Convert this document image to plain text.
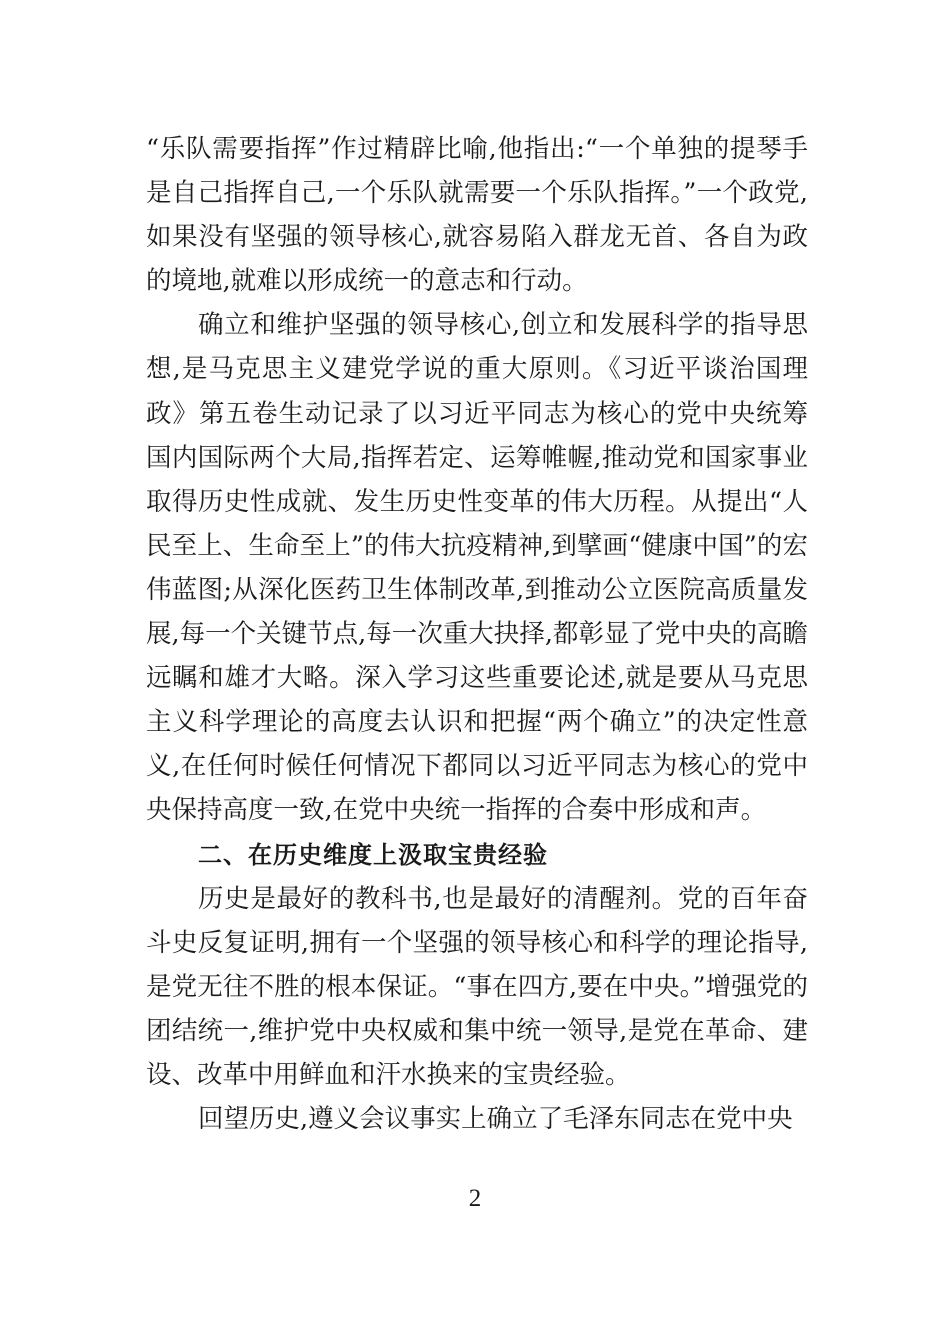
“乐队需要指挥”作过精辟比喻,他指出:“一个单独的提琴手是自己指挥自己,一个乐队就需要一个乐队指挥。”一个政党,如果没有坚强的领导核心,就容易陷入群龙无首、各自为政的境地,就难以形成统一的意志和行动。

确立和维护坚强的领导核心,创立和发展科学的指导思想,是马克思主义建党学说的重大原则。《习近平谈治国理政》第五卷生动记录了以习近平同志为核心的党中央统筹国内国际两个大局,指挥若定、运筹帷幄,推动党和国家事业取得历史性成就、发生历史性变革的伟大历程。从提出“人民至上、生命至上”的伟大抗疫精神,到擘画“健康中国”的宏伟蓝图;从深化医药卫生体制改革,到推动公立医院高质量发展,每一个关键节点,每一次重大抉择,都彰显了党中央的高瞻远瞩和雄才大略。深入学习这些重要论述,就是要从马克思主义科学理论的高度去认识和把握“两个确立”的决定性意义,在任何时候任何情况下都同以习近平同志为核心的党中央保持高度一致,在党中央统一指挥的合奏中形成和声。

二、在历史维度上汲取宝贵经验

历史是最好的教科书,也是最好的清醒剂。党的百年奋斗史反复证明,拥有一个坚强的领导核心和科学的理论指导,是党无往不胜的根本保证。“事在四方,要在中央。”增强党的团结统一,维护党中央权威和集中统一领导,是党在革命、建设、改革中用鲜血和汗水换来的宝贵经验。

回望历史,遵义会议事实上确立了毛泽东同志在党中央

2
